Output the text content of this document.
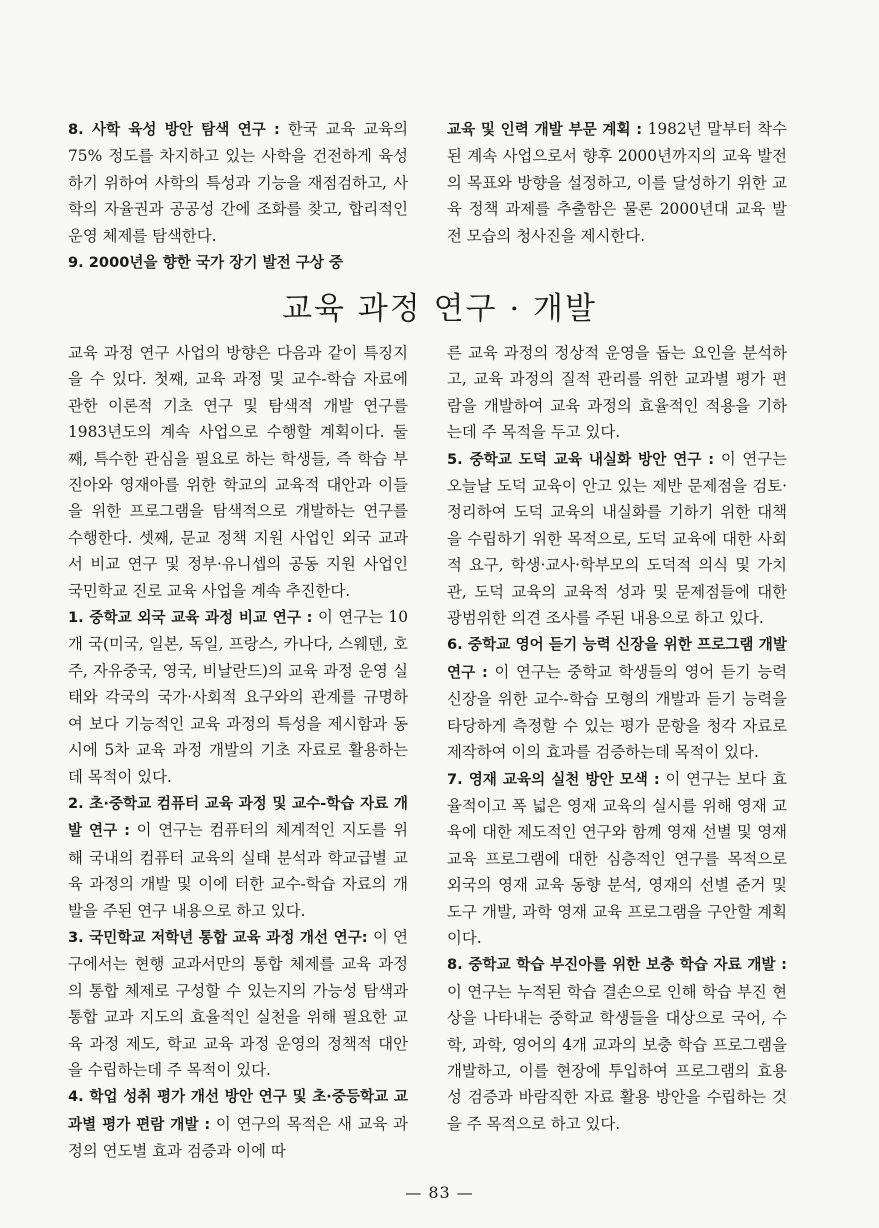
8. 사학 육성 방안 탐색 연구 : 한국 교육 교육의 75% 정도를 차지하고 있는 사학을 건전하게 육성하기 위하여 사학의 특성과 기능을 재점검하고, 사학의 자율권과 공공성 간에 조화를 찾고, 합리적인 운영 체제를 탐색한다.

9. 2000년을 향한 국가 장기 발전 구상 중

교육 및 인력 개발 부문 계획 : 1982년 말부터 착수된 계속 사업으로서 향후 2000년까지의 교육 발전의 목표와 방향을 설정하고, 이를 달성하기 위한 교육 정책 과제를 추출함은 물론 2000년대 교육 발전 모습의 청사진을 제시한다.

교육 과정 연구 · 개발

교육 과정 연구 사업의 방향은 다음과 같이 특징지을 수 있다. 첫째, 교육 과정 및 교수-학습 자료에 관한 이론적 기초 연구 및 탐색적 개발 연구를 1983년도의 계속 사업으로 수행할 계획이다. 둘째, 특수한 관심을 필요로 하는 학생들, 즉 학습 부진아와 영재아를 위한 학교의 교육적 대안과 이들을 위한 프로그램을 탐색적으로 개발하는 연구를 수행한다. 셋째, 문교 정책 지원 사업인 외국 교과서 비교 연구 및 정부·유니셉의 공동 지원 사업인 국민학교 진로 교육 사업을 계속 추진한다.

1. 중학교 외국 교육 과정 비교 연구 : 이 연구는 10개 국(미국, 일본, 독일, 프랑스, 카나다, 스웨덴, 호주, 자유중국, 영국, 비날란드)의 교육 과정 운영 실태와 각국의 국가·사회적 요구와의 관계를 규명하여 보다 기능적인 교육 과정의 특성을 제시함과 동시에 5차 교육 과정 개발의 기초 자료로 활용하는데 목적이 있다.

2. 초·중학교 컴퓨터 교육 과정 및 교수-학습 자료 개발 연구 : 이 연구는 컴퓨터의 체계적인 지도를 위해 국내의 컴퓨터 교육의 실태 분석과 학교급별 교육 과정의 개발 및 이에 터한 교수-학습 자료의 개발을 주된 연구 내용으로 하고 있다.

3. 국민학교 저학년 통합 교육 과정 개선 연구: 이 연구에서는 현행 교과서만의 통합 체제를 교육 과정의 통합 체제로 구성할 수 있는지의 가능성 탐색과 통합 교과 지도의 효율적인 실천을 위해 필요한 교육 과정 제도, 학교 교육 과정 운영의 정책적 대안을 수립하는데 주 목적이 있다.

4. 학업 성취 평가 개선 방안 연구 및 초·중등학교 교과별 평가 편람 개발 : 이 연구의 목적은 새 교육 과정의 연도별 효과 검증과 이에 따

른 교육 과정의 정상적 운영을 돕는 요인을 분석하고, 교육 과정의 질적 관리를 위한 교과별 평가 편람을 개발하여 교육 과정의 효율적인 적용을 기하는데 주 목적을 두고 있다.

5. 중학교 도덕 교육 내실화 방안 연구 : 이 연구는 오늘날 도덕 교육이 안고 있는 제반 문제점을 검토·정리하여 도덕 교육의 내실화를 기하기 위한 대책을 수립하기 위한 목적으로, 도덕 교육에 대한 사회적 요구, 학생·교사·학부모의 도덕적 의식 및 가치관, 도덕 교육의 교육적 성과 및 문제점들에 대한 광범위한 의견 조사를 주된 내용으로 하고 있다.

6. 중학교 영어 듣기 능력 신장을 위한 프로그램 개발 연구 : 이 연구는 중학교 학생들의 영어 듣기 능력 신장을 위한 교수-학습 모형의 개발과 듣기 능력을 타당하게 측정할 수 있는 평가 문항을 청각 자료로 제작하여 이의 효과를 검증하는데 목적이 있다.

7. 영재 교육의 실천 방안 모색 : 이 연구는 보다 효율적이고 폭 넓은 영재 교육의 실시를 위해 영재 교육에 대한 제도적인 연구와 함께 영재 선별 및 영재 교육 프로그램에 대한 심층적인 연구를 목적으로 외국의 영재 교육 동향 분석, 영재의 선별 준거 및 도구 개발, 과학 영재 교육 프로그램을 구안할 계획이다.

8. 중학교 학습 부진아를 위한 보충 학습 자료 개발 : 이 연구는 누적된 학습 결손으로 인해 학습 부진 현상을 나타내는 중학교 학생들을 대상으로 국어, 수학, 과학, 영어의 4개 교과의 보충 학습 프로그램을 개발하고, 이를 현장에 투입하여 프로그램의 효용성 검증과 바람직한 자료 활용 방안을 수립하는 것을 주 목적으로 하고 있다.

— 83 —
